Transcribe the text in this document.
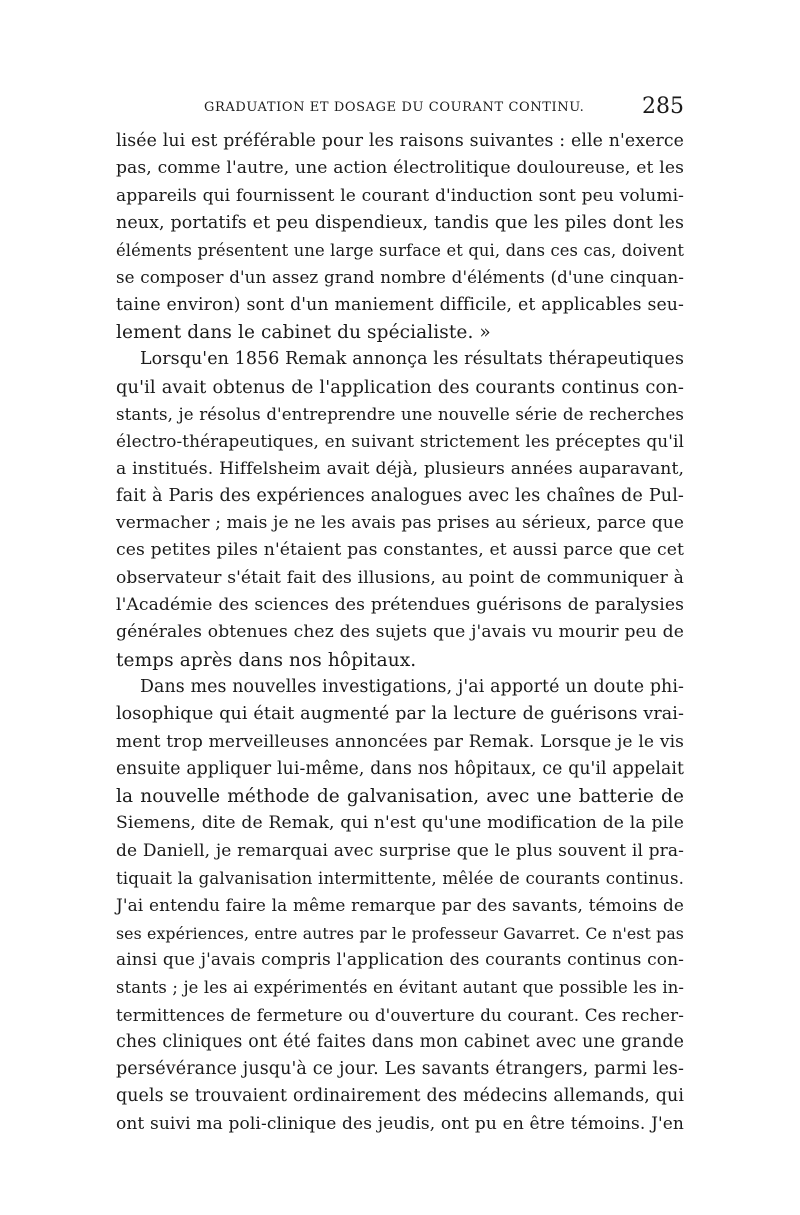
GRADUATION ET DOSAGE DU COURANT CONTINU.	285
lisée lui est préférable pour les raisons suivantes : elle n'exerce
pas, comme l'autre, une action électrolitique douloureuse, et les
appareils qui fournissent le courant d'induction sont peu volumi-
neux, portatifs et peu dispendieux, tandis que les piles dont les
éléments présentent une large surface et qui, dans ces cas, doivent
se composer d'un assez grand nombre d'éléments (d'une cinquan-
taine environ) sont d'un maniement difficile, et applicables seu-
lement dans le cabinet du spécialiste. »
Lorsqu'en 1856 Remak annonça les résultats thérapeutiques
qu'il avait obtenus de l'application des courants continus con-
stants, je résolus d'entreprendre une nouvelle série de recherches
électro-thérapeutiques, en suivant strictement les préceptes qu'il
a institués. Hiffelsheim avait déjà, plusieurs années auparavant,
fait à Paris des expériences analogues avec les chaînes de Pul-
vermacher ; mais je ne les avais pas prises au sérieux, parce que
ces petites piles n'étaient pas constantes, et aussi parce que cet
observateur s'était fait des illusions, au point de communiquer à
l'Académie des sciences des prétendues guérisons de paralysies
générales obtenues chez des sujets que j'avais vu mourir peu de
temps après dans nos hôpitaux.
Dans mes nouvelles investigations, j'ai apporté un doute phi-
losophique qui était augmenté par la lecture de guérisons vrai-
ment trop merveilleuses annoncées par Remak. Lorsque je le vis
ensuite appliquer lui-même, dans nos hôpitaux, ce qu'il appelait
la nouvelle méthode de galvanisation, avec une batterie de
Siemens, dite de Remak, qui n'est qu'une modification de la pile
de Daniell, je remarquai avec surprise que le plus souvent il pra-
tiquait la galvanisation intermittente, mêlée de courants continus.
J'ai entendu faire la même remarque par des savants, témoins de
ses expériences, entre autres par le professeur Gavarret. Ce n'est pas
ainsi que j'avais compris l'application des courants continus con-
stants ; je les ai expérimentés en évitant autant que possible les in-
termittences de fermeture ou d'ouverture du courant. Ces recher-
ches cliniques ont été faites dans mon cabinet avec une grande
persévérance jusqu'à ce jour. Les savants étrangers, parmi les-
quels se trouvaient ordinairement des médecins allemands, qui
ont suivi ma poli-clinique des jeudis, ont pu en être témoins. J'en
